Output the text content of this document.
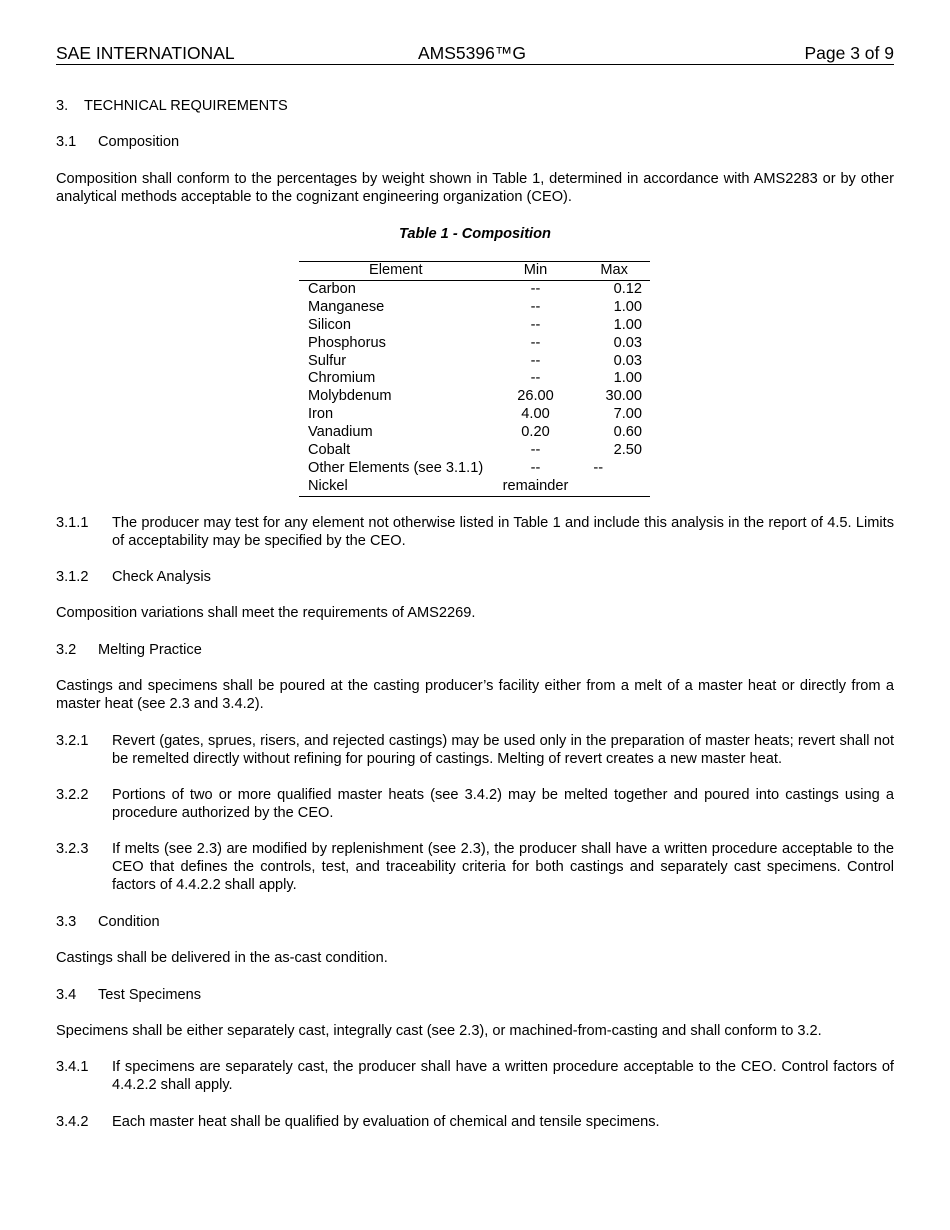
SAE INTERNATIONAL	AMS5396™G	Page 3 of 9
3. TECHNICAL REQUIREMENTS
3.1 Composition
Composition shall conform to the percentages by weight shown in Table 1, determined in accordance with AMS2283 or by other analytical methods acceptable to the cognizant engineering organization (CEO).
Table 1 - Composition
Element	Min	Max
Carbon	--	0.12
Manganese	--	1.00
Silicon	--	1.00
Phosphorus	--	0.03
Sulfur	--	0.03
Chromium	--	1.00
Molybdenum	26.00	30.00
Iron	4.00	7.00
Vanadium	0.20	0.60
Cobalt	--	2.50
Other Elements (see 3.1.1)	--	--
Nickel	remainder	
3.1.1 The producer may test for any element not otherwise listed in Table 1 and include this analysis in the report of 4.5. Limits of acceptability may be specified by the CEO.
3.1.2 Check Analysis
Composition variations shall meet the requirements of AMS2269.
3.2 Melting Practice
Castings and specimens shall be poured at the casting producer’s facility either from a melt of a master heat or directly from a master heat (see 2.3 and 3.4.2).
3.2.1 Revert (gates, sprues, risers, and rejected castings) may be used only in the preparation of master heats; revert shall not be remelted directly without refining for pouring of castings. Melting of revert creates a new master heat.
3.2.2 Portions of two or more qualified master heats (see 3.4.2) may be melted together and poured into castings using a procedure authorized by the CEO.
3.2.3 If melts (see 2.3) are modified by replenishment (see 2.3), the producer shall have a written procedure acceptable to the CEO that defines the controls, test, and traceability criteria for both castings and separately cast specimens. Control factors of 4.4.2.2 shall apply.
3.3 Condition
Castings shall be delivered in the as-cast condition.
3.4 Test Specimens
Specimens shall be either separately cast, integrally cast (see 2.3), or machined-from-casting and shall conform to 3.2.
3.4.1 If specimens are separately cast, the producer shall have a written procedure acceptable to the CEO. Control factors of 4.4.2.2 shall apply.
3.4.2 Each master heat shall be qualified by evaluation of chemical and tensile specimens.
